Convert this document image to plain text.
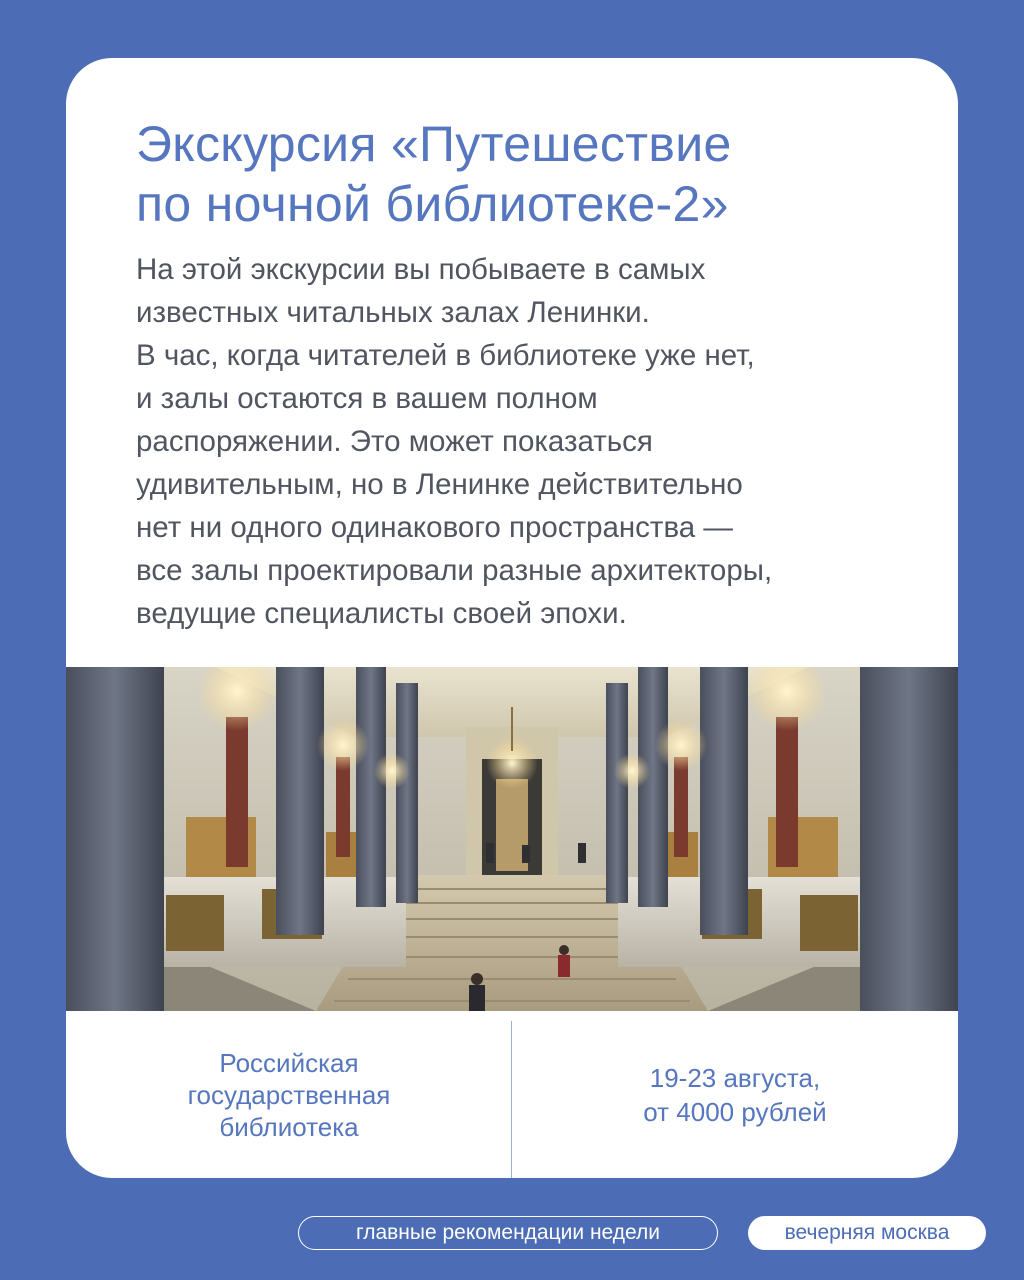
Экскурсия «Путешествие
по ночной библиотеке-2»

На этой экскурсии вы побываете в самых
известных читальных залах Ленинки.
В час, когда читателей в библиотеке уже нет,
и залы остаются в вашем полном
распоряжении. Это может показаться
удивительным, но в Ленинке действительно
нет ни одного одинакового пространства —
все залы проектировали разные архитекторы,
ведущие специалисты своей эпохи.

Российская
государственная
библиотека
19-23 августа,
от 4000 рублей
главные рекомендации недели	вечерняя москва
